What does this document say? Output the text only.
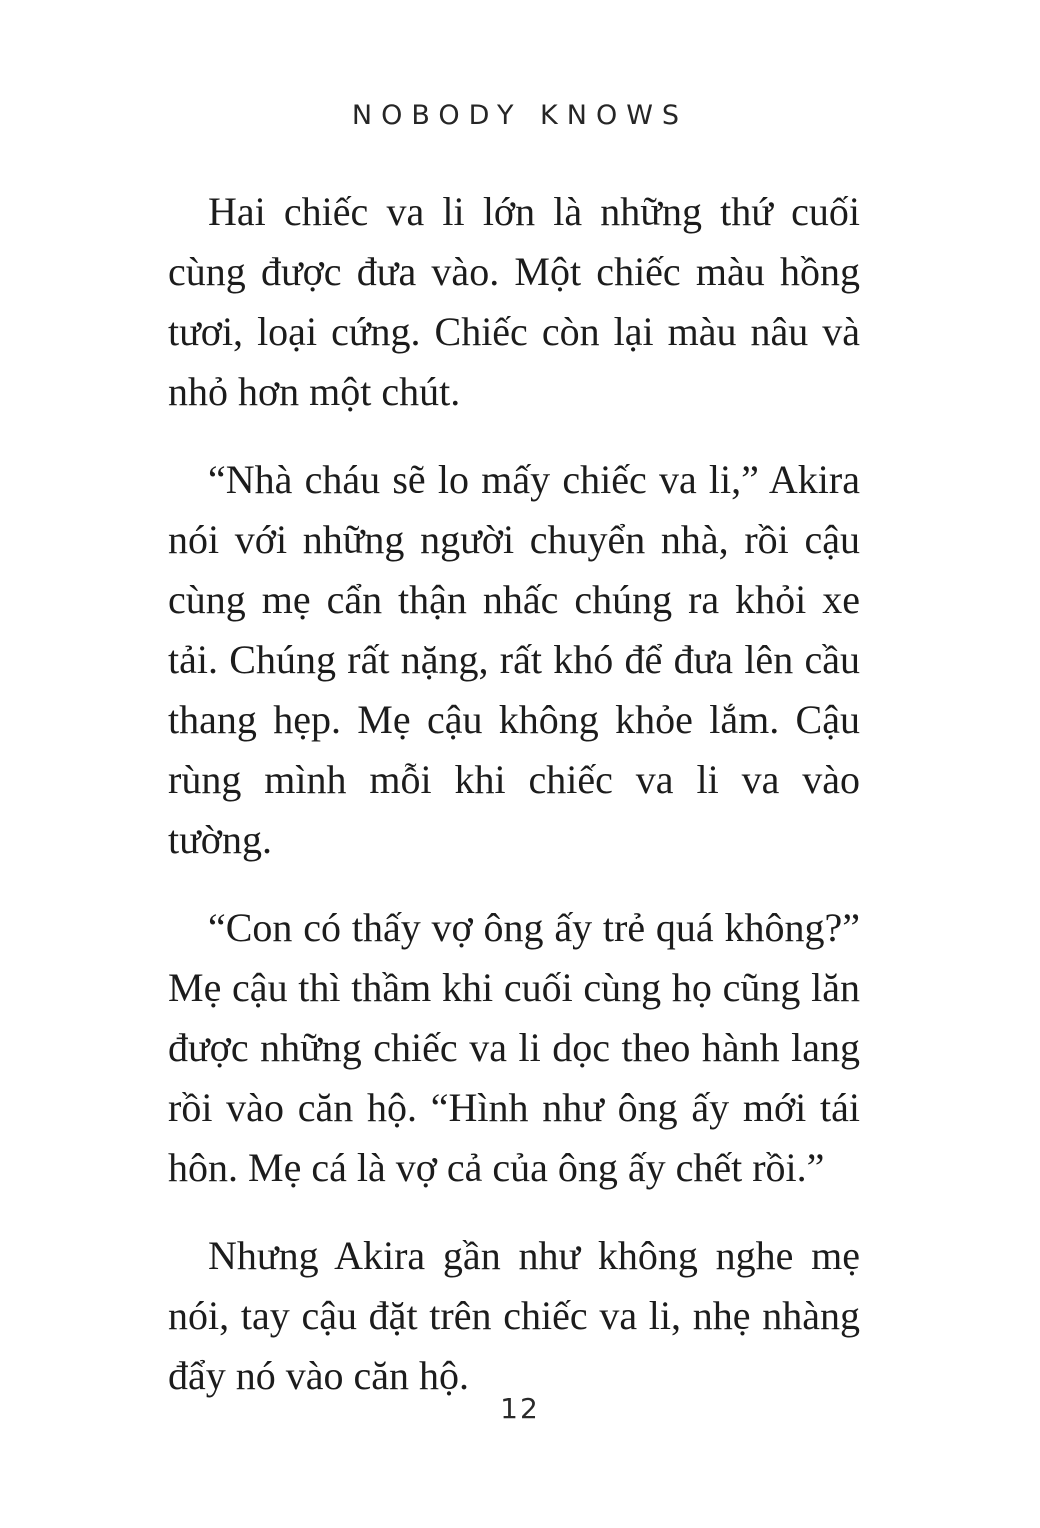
NOBODY KNOWS

Hai chiếc va li lớn là những thứ cuối cùng được đưa vào. Một chiếc màu hồng tươi, loại cứng. Chiếc còn lại màu nâu và nhỏ hơn một chút.

“Nhà cháu sẽ lo mấy chiếc va li,” Akira nói với những người chuyển nhà, rồi cậu cùng mẹ cẩn thận nhấc chúng ra khỏi xe tải. Chúng rất nặng, rất khó để đưa lên cầu thang hẹp. Mẹ cậu không khỏe lắm. Cậu rùng mình mỗi khi chiếc va li va vào tường.

“Con có thấy vợ ông ấy trẻ quá không?” Mẹ cậu thì thầm khi cuối cùng họ cũng lăn được những chiếc va li dọc theo hành lang rồi vào căn hộ. “Hình như ông ấy mới tái hôn. Mẹ cá là vợ cả của ông ấy chết rồi.”

Nhưng Akira gần như không nghe mẹ nói, tay cậu đặt trên chiếc va li, nhẹ nhàng đẩy nó vào căn hộ.

12
